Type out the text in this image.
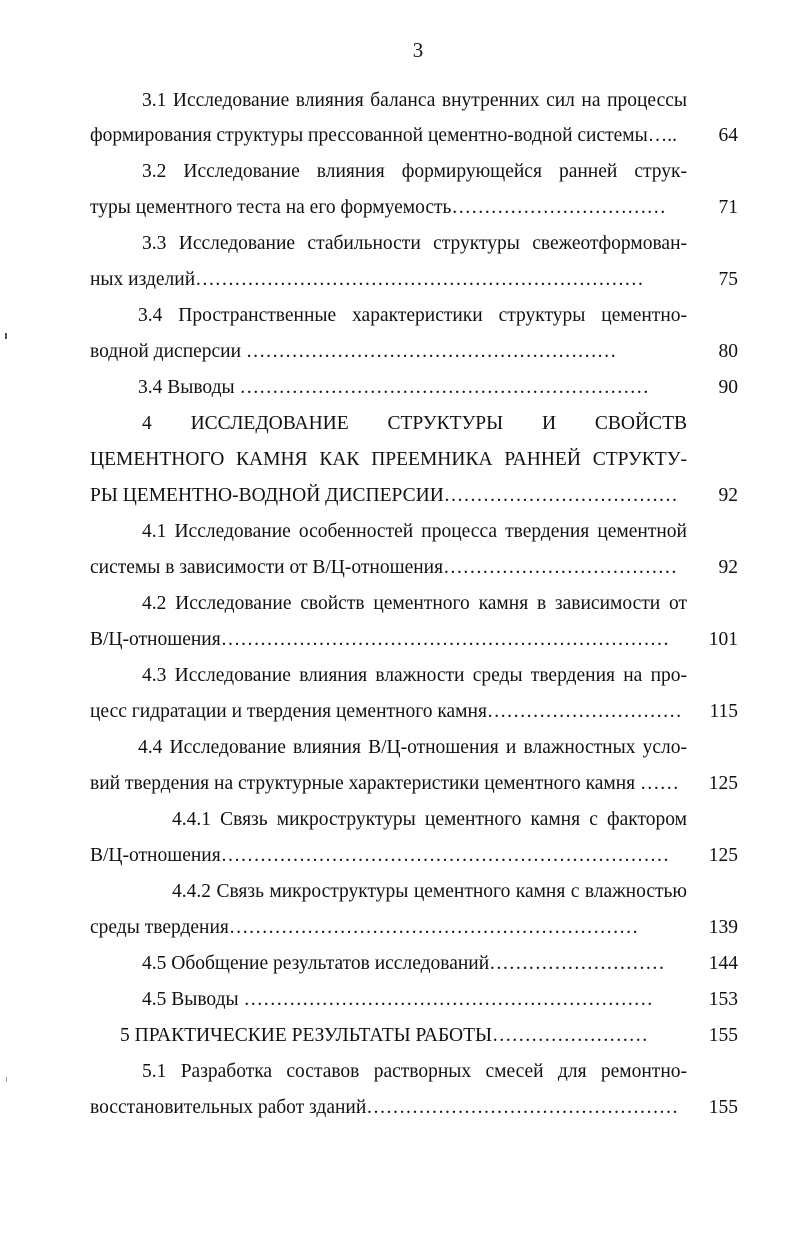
3
3.1 Исследование влияния баланса внутренних сил на процессы
формирования структуры прессованной цементно-водной системы…..	64
3.2 Исследование влияния формирующейся ранней струк-
туры цементного теста на его формуемость……………………………	71
3.3 Исследование стабильности структуры свежеотформован-
ных изделий……………………………………………………………	75
3.4 Пространственные характеристики структуры цементно-
водной дисперсии …………………………………………………	80
3.4 Выводы ………………………………………………………	90
4 ИССЛЕДОВАНИЕ СТРУКТУРЫ И СВОЙСТВ
ЦЕМЕНТНОГО КАМНЯ КАК ПРЕЕМНИКА РАННЕЙ СТРУКТУ-
РЫ ЦЕМЕНТНО-ВОДНОЙ ДИСПЕРСИИ………………………………	92
4.1 Исследование особенностей процесса твердения цементной
системы в зависимости от В/Ц-отношения………………………………	92
4.2 Исследование свойств цементного камня в зависимости от
В/Ц-отношения……………………………………………………………	101
4.3 Исследование влияния влажности среды твердения на про-
цесс гидратации и твердения цементного камня…………………………	115
4.4 Исследование влияния В/Ц-отношения и влажностных усло-
вий твердения на структурные характеристики цементного камня ……	125
4.4.1 Связь микроструктуры цементного камня с фактором
В/Ц-отношения……………………………………………………………	125
4.4.2 Связь микроструктуры цементного камня с влажностью
среды твердения………………………………………………………	139
4.5 Обобщение результатов исследований………………………	144
4.5 Выводы ………………………………………………………	153
5 ПРАКТИЧЕСКИЕ РЕЗУЛЬТАТЫ РАБОТЫ……………………	155
5.1 Разработка составов растворных смесей для ремонтно-
восстановительных работ зданий…………………………………………	155
